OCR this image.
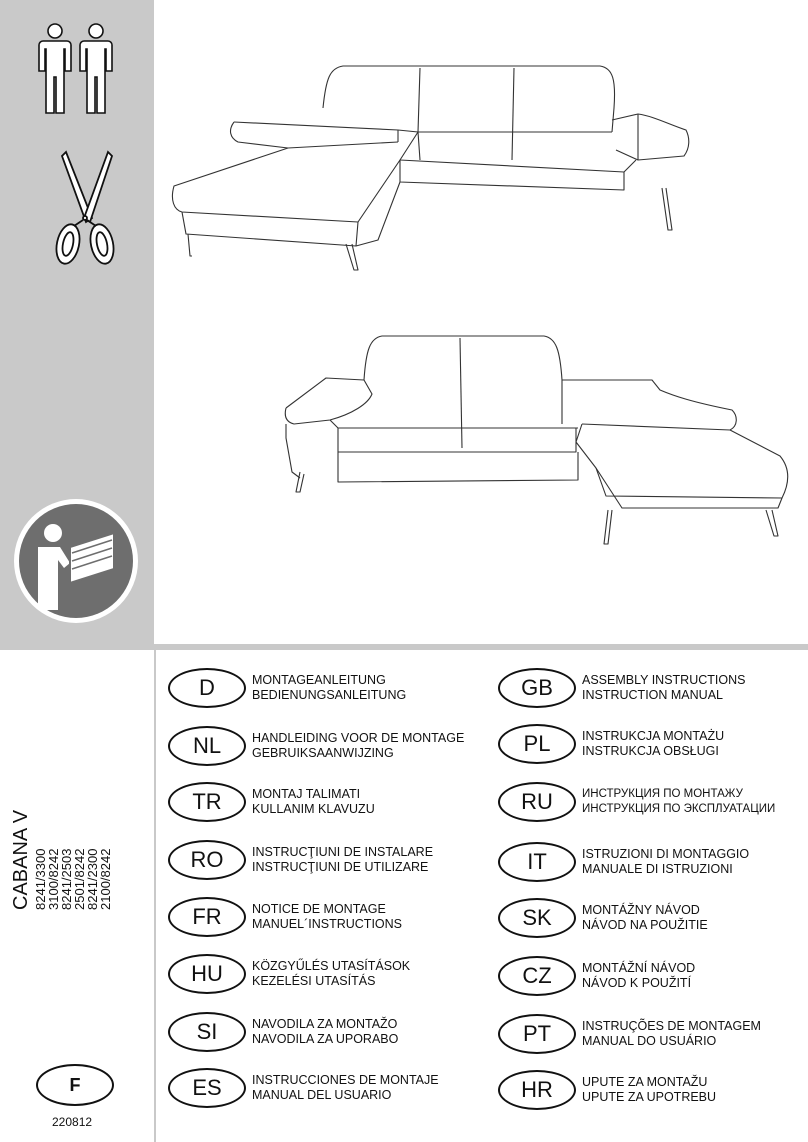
CABANA V 8241/3300
3100/8242
8241/2503
2501/8242
8241/2300
2100/8242
F
220812
D	MONTAGEANLEITUNG
BEDIENUNGSANLEITUNG
NL	HANDLEIDING VOOR DE MONTAGE
GEBRUIKSAANWIJZING
TR	MONTAJ TALIMATI
KULLANIM KLAVUZU
RO	INSTRUCŢIUNI DE INSTALARE
INSTRUCŢIUNI DE UTILIZARE
FR	NOTICE DE MONTAGE
MANUEL´INSTRUCTIONS
HU	KÖZGYŰLÉS UTASÍTÁSOK
KEZELÉSI UTASÍTÁS
SI	NAVODILA ZA MONTAŽO
NAVODILA ZA UPORABO
ES	INSTRUCCIONES DE MONTAJE
MANUAL DEL USUARIO
GB	ASSEMBLY INSTRUCTIONS
INSTRUCTION MANUAL
PL	INSTRUKCJA MONTAŻU
INSTRUKCJA OBSŁUGI
RU	ИНСТРУКЦИЯ ПО МОНТАЖУ
ИНСТРУКЦИЯ ПО ЭКСПЛУАТАЦИИ
IT	ISTRUZIONI DI MONTAGGIO
MANUALE DI ISTRUZIONI
SK	MONTÁŽNY NÁVOD
NÁVOD NA POUŽITIE
CZ	MONTÁŽNÍ NÁVOD
NÁVOD K POUŽITÍ
PT	INSTRUÇÕES DE MONTAGEM
MANUAL DO USUÁRIO
HR	UPUTE ZA MONTAŽU
UPUTE ZA UPOTREBU
